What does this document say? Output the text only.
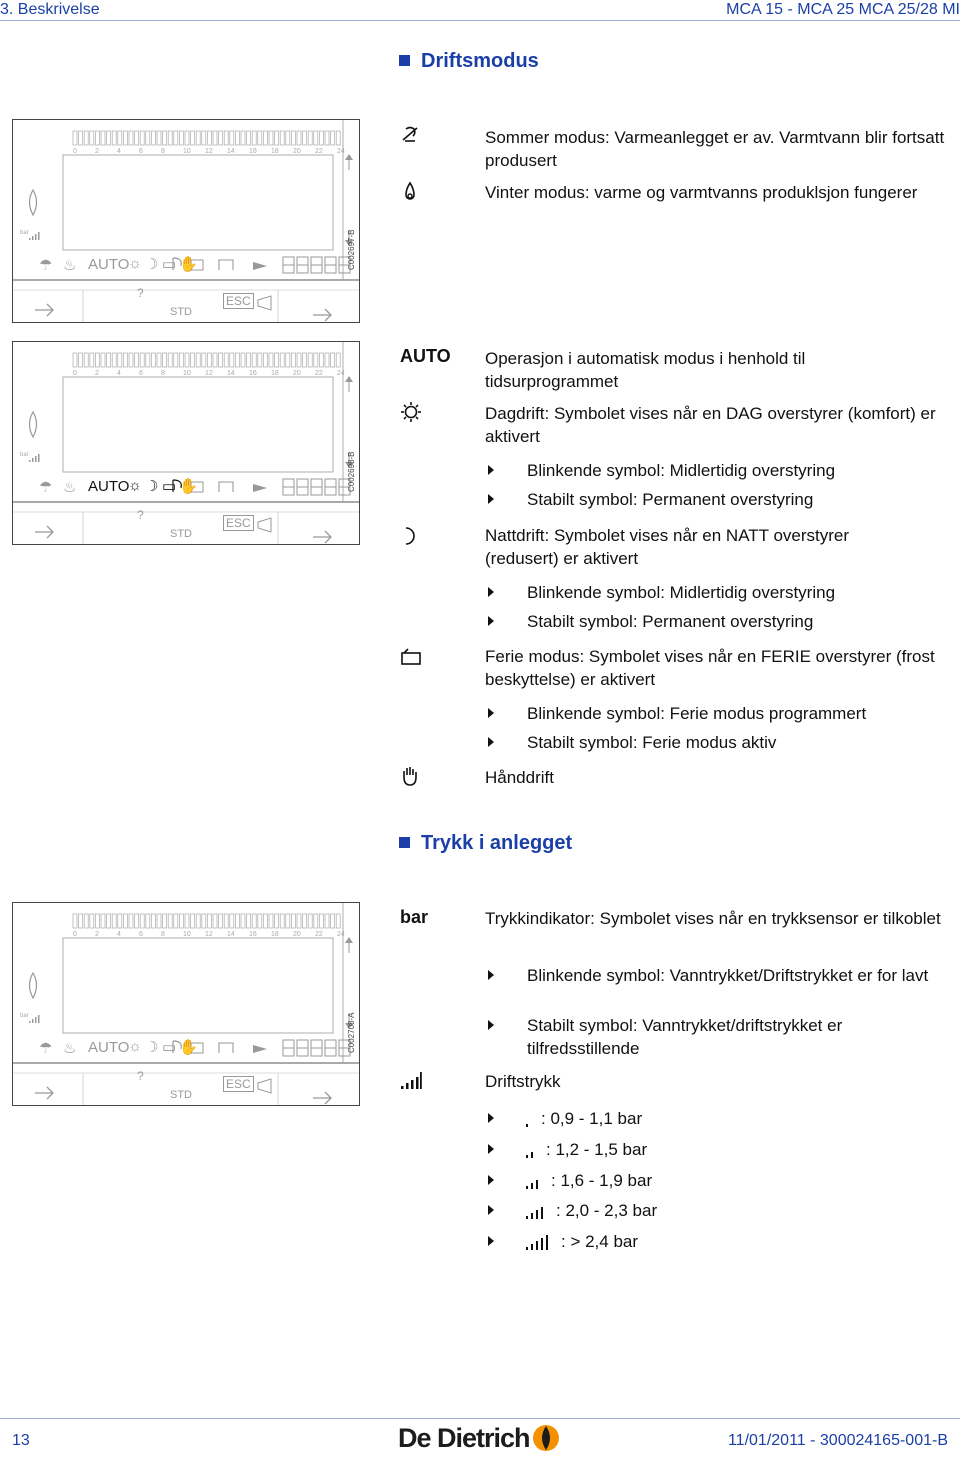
3. Beskrivelse	MCA 15 - MCA 25 MCA 25/28 MI
Driftsmodus
0	2	4	6	8	10 12 14 16 18 20 22 24
AUTO
ESC
STD
bar
?
C002697-B
☼ ☽ ▭ ✋
☂ ♨
0	2	4	6	8	10 12 14 16 18 20 22 24
AUTO
ESC
STD
bar
?
C002698-B
☼ ☽ ▭ ✋
☂ ♨
0	2	4	6	8	10 12 14 16 18 20 22 24
AUTO
ESC
STD
bar
?
C002708-A
☼ ☽ ▭ ✋
☂ ♨
Sommer modus: Varmeanlegget er av. Varmtvann blir fortsatt produsert
Vinter modus: varme og varmtvanns produklsjon fungerer
AUTO Operasjon i automatisk modus i henhold til tidsurprogrammet
Dagdrift: Symbolet vises når en DAG overstyrer (komfort) er aktivert
Blinkende symbol: Midlertidig overstyring
Stabilt symbol: Permanent overstyring
Nattdrift: Symbolet vises når en NATT overstyrer (redusert) er aktivert
Blinkende symbol: Midlertidig overstyring
Stabilt symbol: Permanent overstyring
Ferie modus: Symbolet vises når en FERIE overstyrer (frost beskyttelse) er aktivert
Blinkende symbol: Ferie modus programmert
Stabilt symbol: Ferie modus aktiv
Hånddrift
Trykk i anlegget
bar	Trykkindikator: Symbolet vises når en trykksensor er tilkoblet
Blinkende symbol: Vanntrykket/Driftstrykket er for lavt
Stabilt symbol: Vanntrykket/driftstrykket er tilfredsstillende
Driftstrykk
: 0,9 - 1,1 bar
: 1,2 - 1,5 bar
: 1,6 - 1,9 bar
: 2,0 - 2,3 bar
: > 2,4 bar
13	De Dietrich	11/01/2011 - 300024165-001-B
